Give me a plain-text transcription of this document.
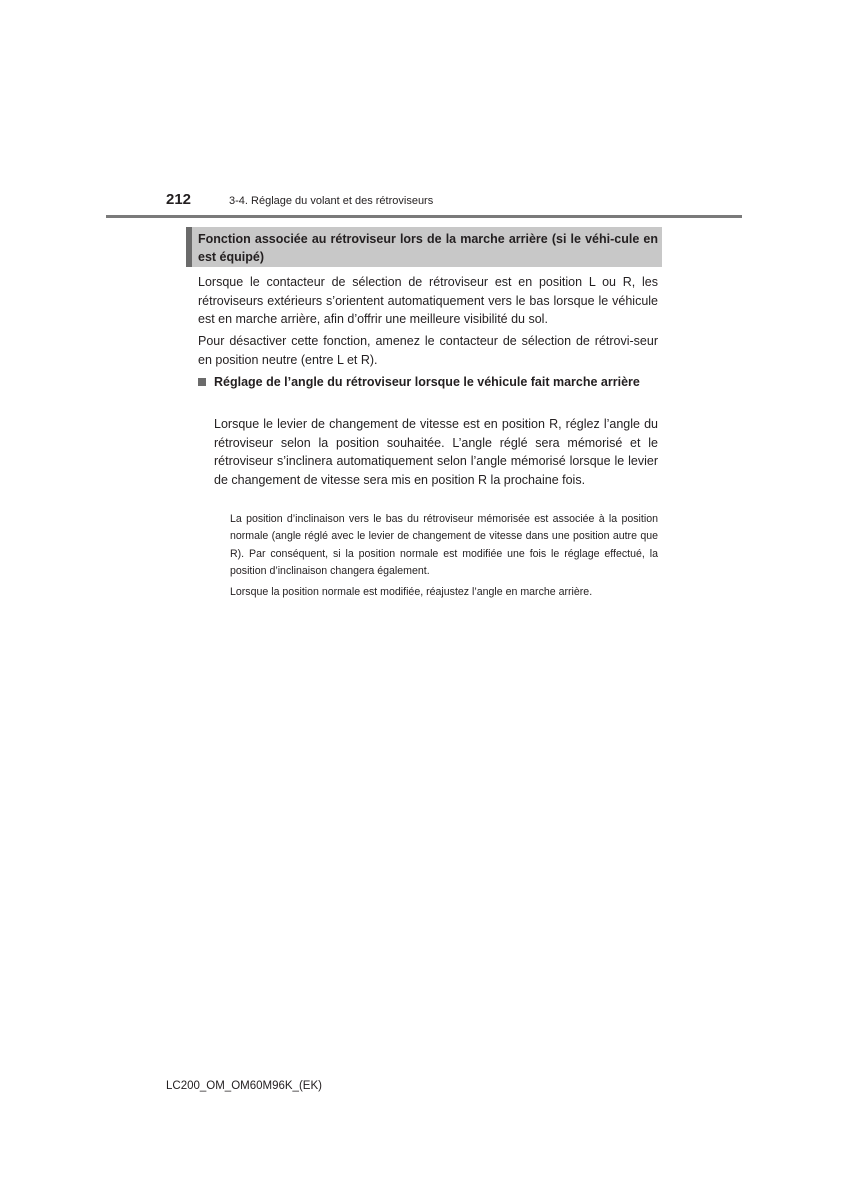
212	3-4. Réglage du volant et des rétroviseurs
Fonction associée au rétroviseur lors de la marche arrière (si le véhi-cule en est équipé)

Lorsque le contacteur de sélection de rétroviseur est en position L ou R, les rétroviseurs extérieurs s’orientent automatiquement vers le bas lorsque le véhicule est en marche arrière, afin d’offrir une meilleure visibilité du sol.

Pour désactiver cette fonction, amenez le contacteur de sélection de rétrovi-seur en position neutre (entre L et R).

Réglage de l’angle du rétroviseur lorsque le véhicule fait marche arrière

Lorsque le levier de changement de vitesse est en position R, réglez l’angle du rétroviseur selon la position souhaitée. L’angle réglé sera mémorisé et le rétroviseur s’inclinera automatiquement selon l’angle mémorisé lorsque le levier de changement de vitesse sera mis en position R la prochaine fois.

La position d’inclinaison vers le bas du rétroviseur mémorisée est associée à la position normale (angle réglé avec le levier de changement de vitesse dans une position autre que R). Par conséquent, si la position normale est modifiée une fois le réglage effectué, la position d’inclinaison changera également.

Lorsque la position normale est modifiée, réajustez l’angle en marche arrière.

LC200_OM_OM60M96K_(EK)
